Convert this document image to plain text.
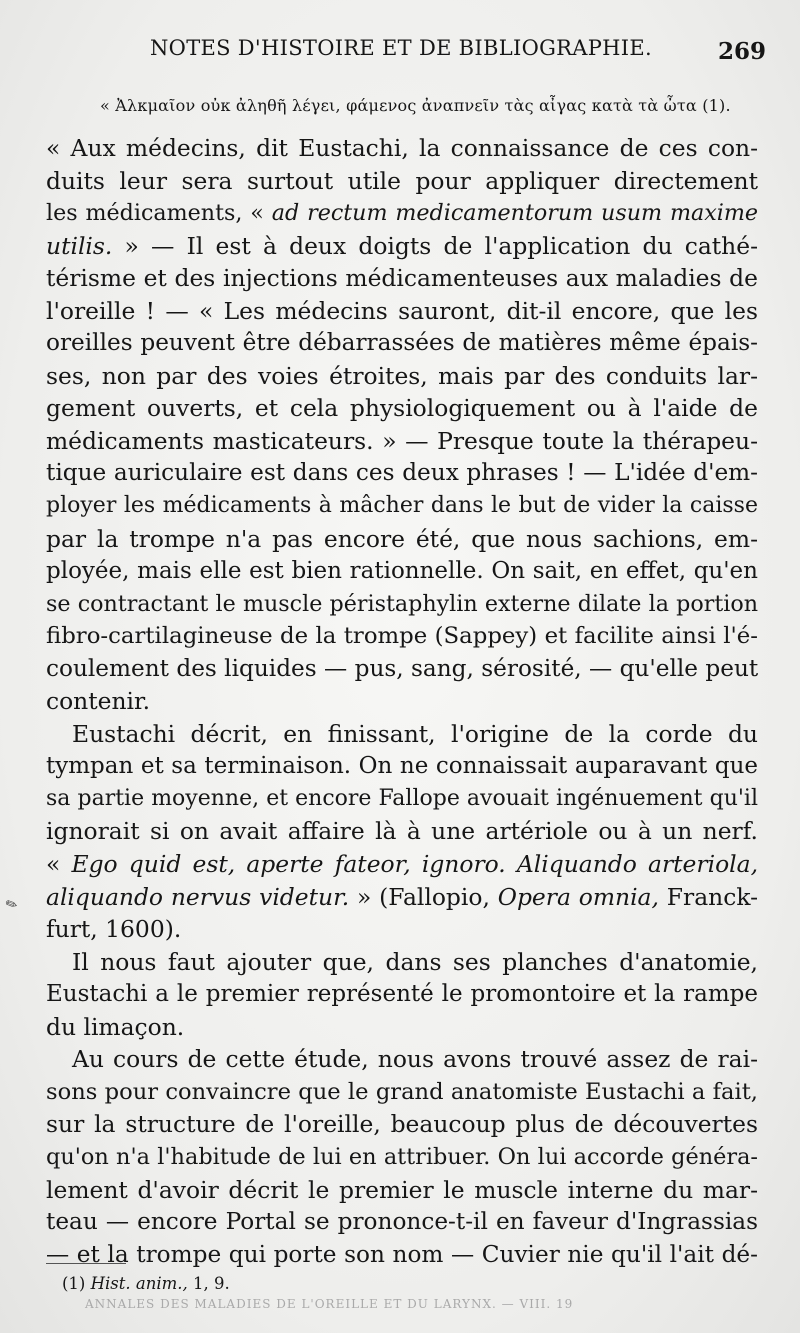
NOTES D'HISTOIRE ET DE BIBLIOGRAPHIE.	269
« Ἀλκμαῖον οὐκ ἀληθῆ λέγει, φάμενος ἀναπνεῖν τὰς αἶγας κατὰ τὰ ὦτα (1).
« Aux médecins, dit Eustachi, la connaissance de ces con-
duits leur sera surtout utile pour appliquer directement
les médicaments, « ad rectum medicamentorum usum maxime
utilis. » — Il est à deux doigts de l'application du cathé-
térisme et des injections médicamenteuses aux maladies de
l'oreille ! — « Les médecins sauront, dit-il encore, que les
oreilles peuvent être débarrassées de matières même épais-
ses, non par des voies étroites, mais par des conduits lar-
gement ouverts, et cela physiologiquement ou à l'aide de
médicaments masticateurs. » — Presque toute la thérapeu-
tique auriculaire est dans ces deux phrases ! — L'idée d'em-
ployer les médicaments à mâcher dans le but de vider la caisse
par la trompe n'a pas encore été, que nous sachions, em-
ployée, mais elle est bien rationnelle. On sait, en effet, qu'en
se contractant le muscle péristaphylin externe dilate la portion
fibro-cartilagineuse de la trompe (Sappey) et facilite ainsi l'é-
coulement des liquides — pus, sang, sérosité, — qu'elle peut
contenir.
Eustachi décrit, en finissant, l'origine de la corde du
tympan et sa terminaison. On ne connaissait auparavant que
sa partie moyenne, et encore Fallope avouait ingénuement qu'il
ignorait si on avait affaire là à une artériole ou à un nerf.
« Ego quid est, aperte fateor, ignoro. Aliquando arteriola,
aliquando nervus videtur. » (Fallopio, Opera omnia, Franck-
furt, 1600).
Il nous faut ajouter que, dans ses planches d'anatomie,
Eustachi a le premier représenté le promontoire et la rampe
du limaçon.
Au cours de cette étude, nous avons trouvé assez de rai-
sons pour convaincre que le grand anatomiste Eustachi a fait,
sur la structure de l'oreille, beaucoup plus de découvertes
qu'on n'a l'habitude de lui en attribuer. On lui accorde généra-
lement d'avoir décrit le premier le muscle interne du mar-
teau — encore Portal se prononce-t-il en faveur d'Ingrassias
— et la trompe qui porte son nom — Cuvier nie qu'il l'ait dé-
(1) Hist. anim., 1, 9.
ANNALES DES MALADIES DE L'OREILLE ET DU LARYNX. — VIII. 19
✎
